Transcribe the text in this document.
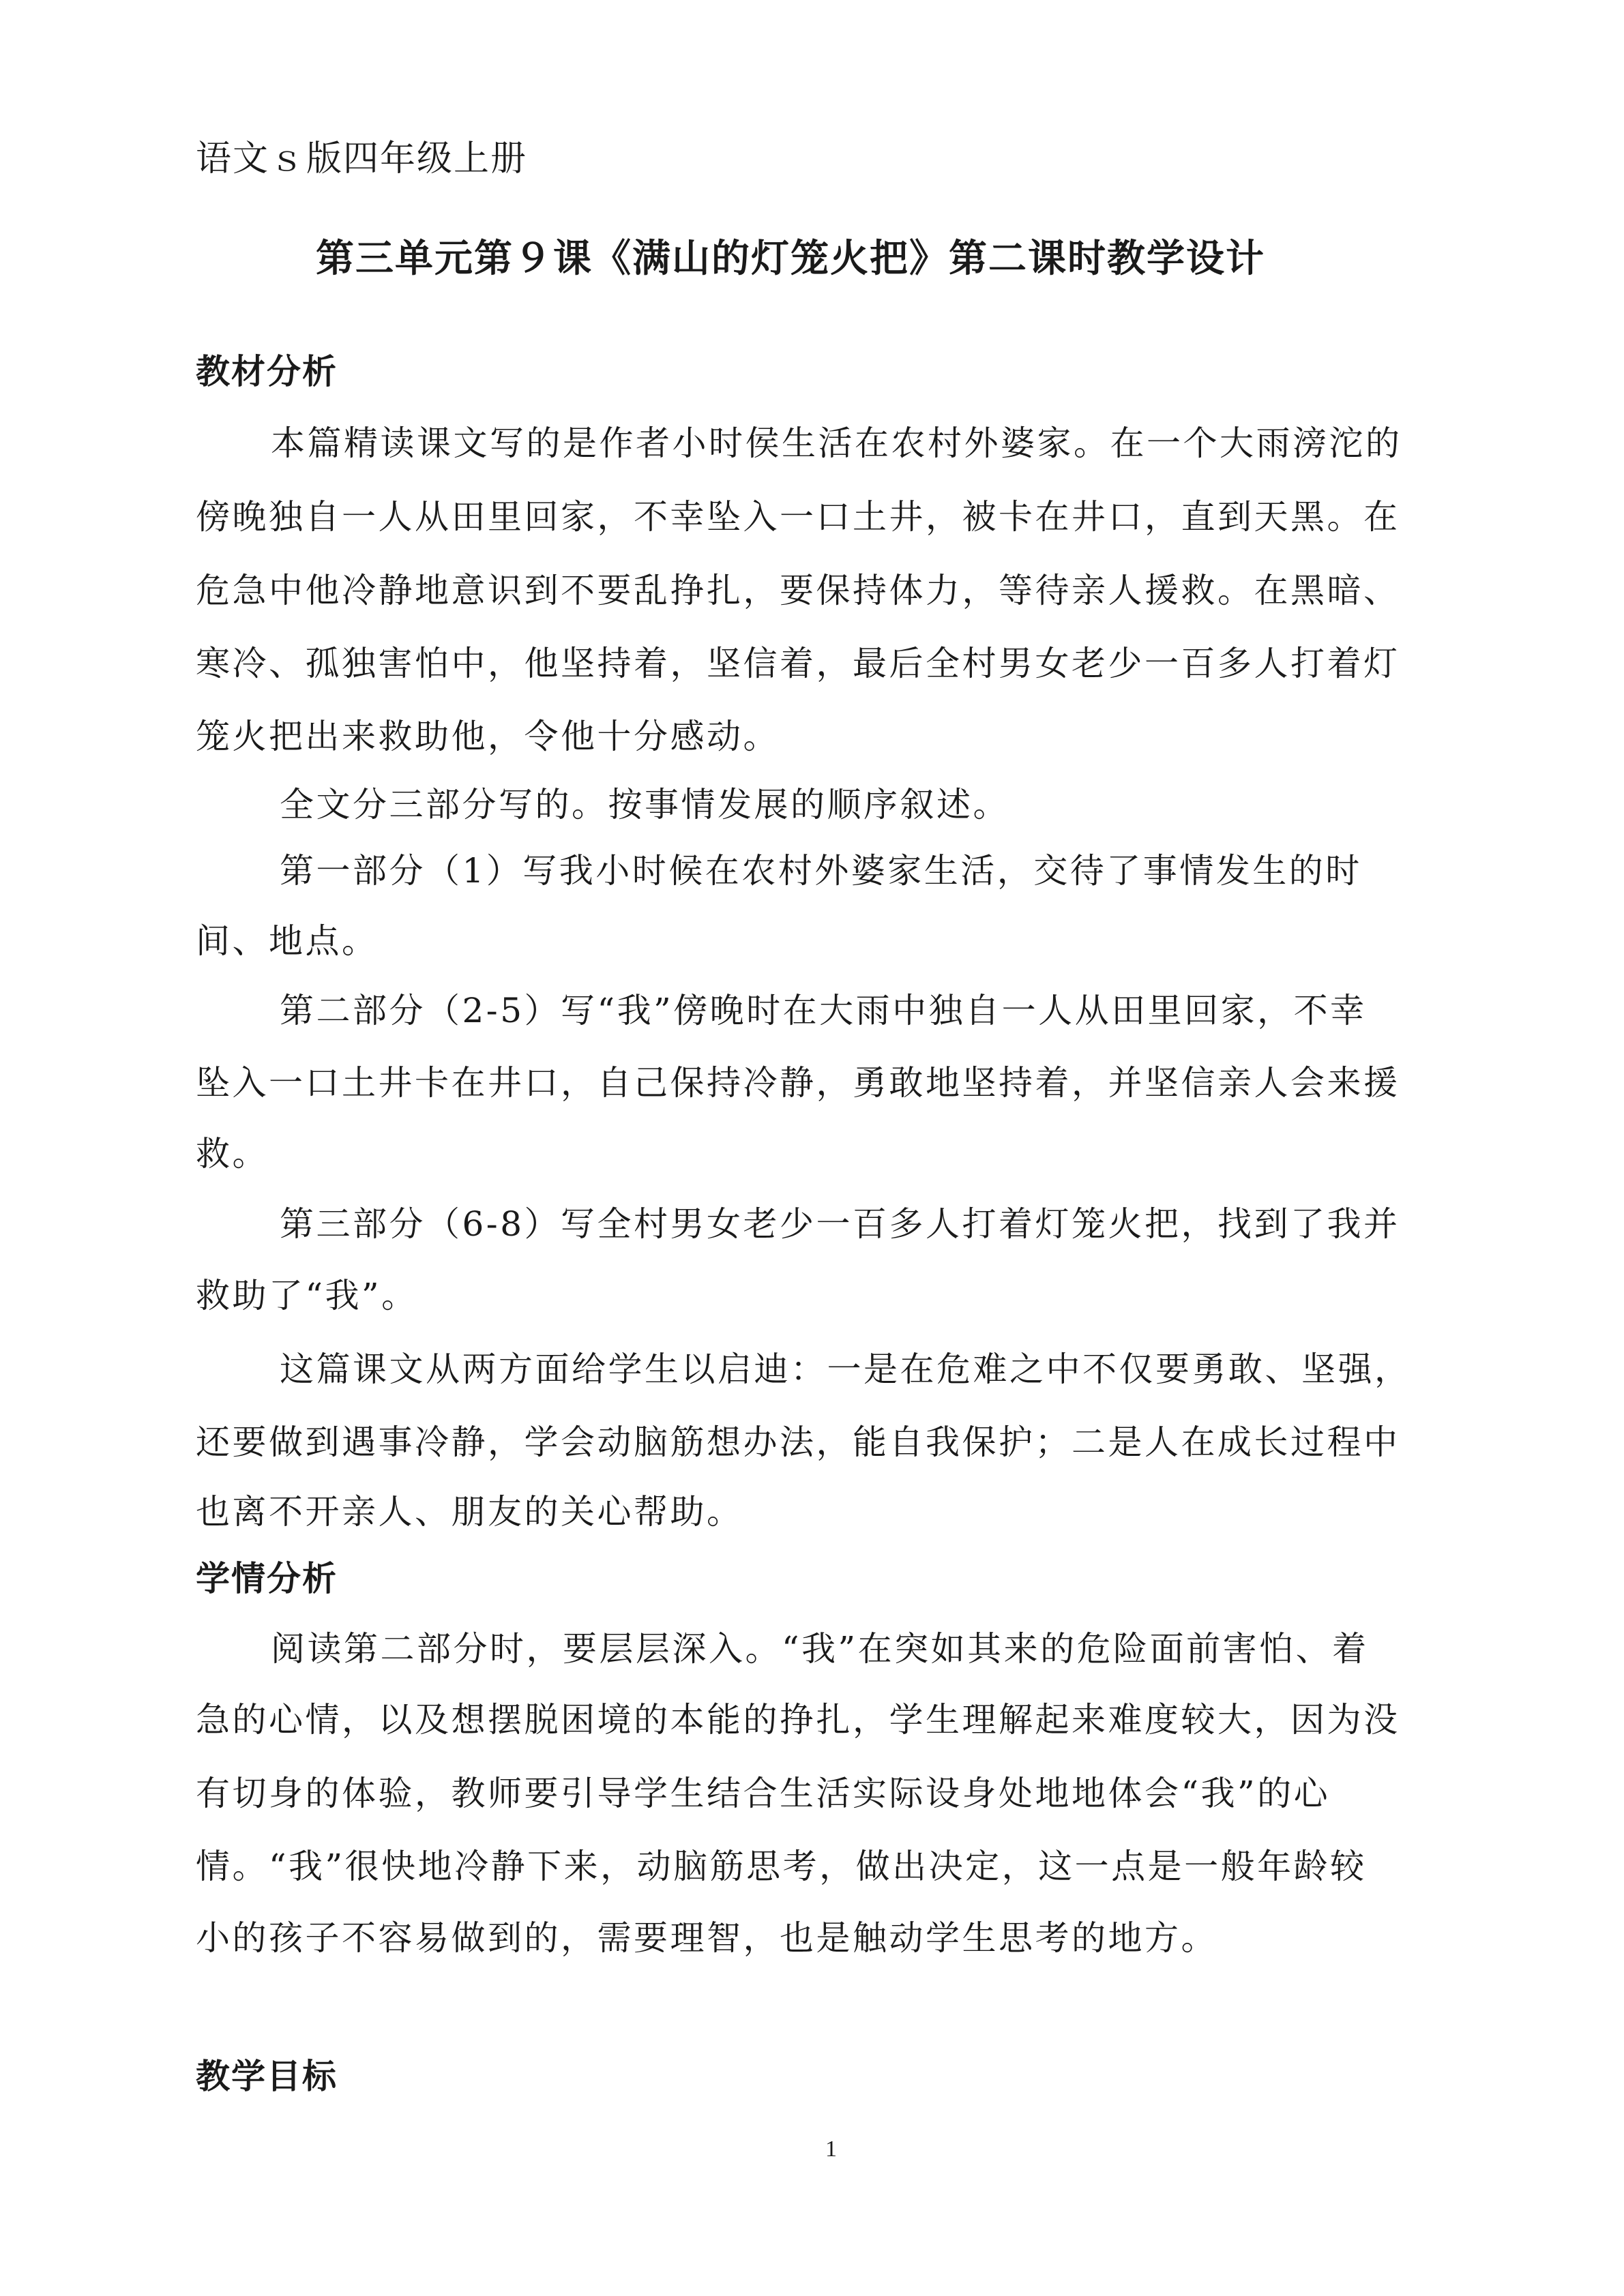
语文ｓ版四年级上册
第三单元第９课《满山的灯笼火把》第二课时教学设计
教材分析
本篇精读课文写的是作者小时侯生活在农村外婆家。在一个大雨滂沱的
傍晚独自一人从田里回家，不幸坠入一口土井，被卡在井口，直到天黑。在
危急中他冷静地意识到不要乱挣扎，要保持体力，等待亲人援救。在黑暗、
寒冷、孤独害怕中，他坚持着，坚信着，最后全村男女老少一百多人打着灯
笼火把出来救助他，令他十分感动。
全文分三部分写的。按事情发展的顺序叙述。
第一部分（1）写我小时候在农村外婆家生活，交待了事情发生的时
间、地点。
第二部分（2-5）写“我”傍晚时在大雨中独自一人从田里回家，不幸
坠入一口土井卡在井口，自己保持冷静，勇敢地坚持着，并坚信亲人会来援
救。
第三部分（6-8）写全村男女老少一百多人打着灯笼火把，找到了我并
救助了“我”。
这篇课文从两方面给学生以启迪：一是在危难之中不仅要勇敢、坚强，
还要做到遇事冷静，学会动脑筋想办法，能自我保护；二是人在成长过程中
也离不开亲人、朋友的关心帮助。
学情分析
阅读第二部分时，要层层深入。“我”在突如其来的危险面前害怕、着
急的心情，以及想摆脱困境的本能的挣扎，学生理解起来难度较大，因为没
有切身的体验，教师要引导学生结合生活实际设身处地地体会“我”的心
情。“我”很快地冷静下来，动脑筋思考，做出决定，这一点是一般年龄较
小的孩子不容易做到的，需要理智，也是触动学生思考的地方。
教学目标
1
